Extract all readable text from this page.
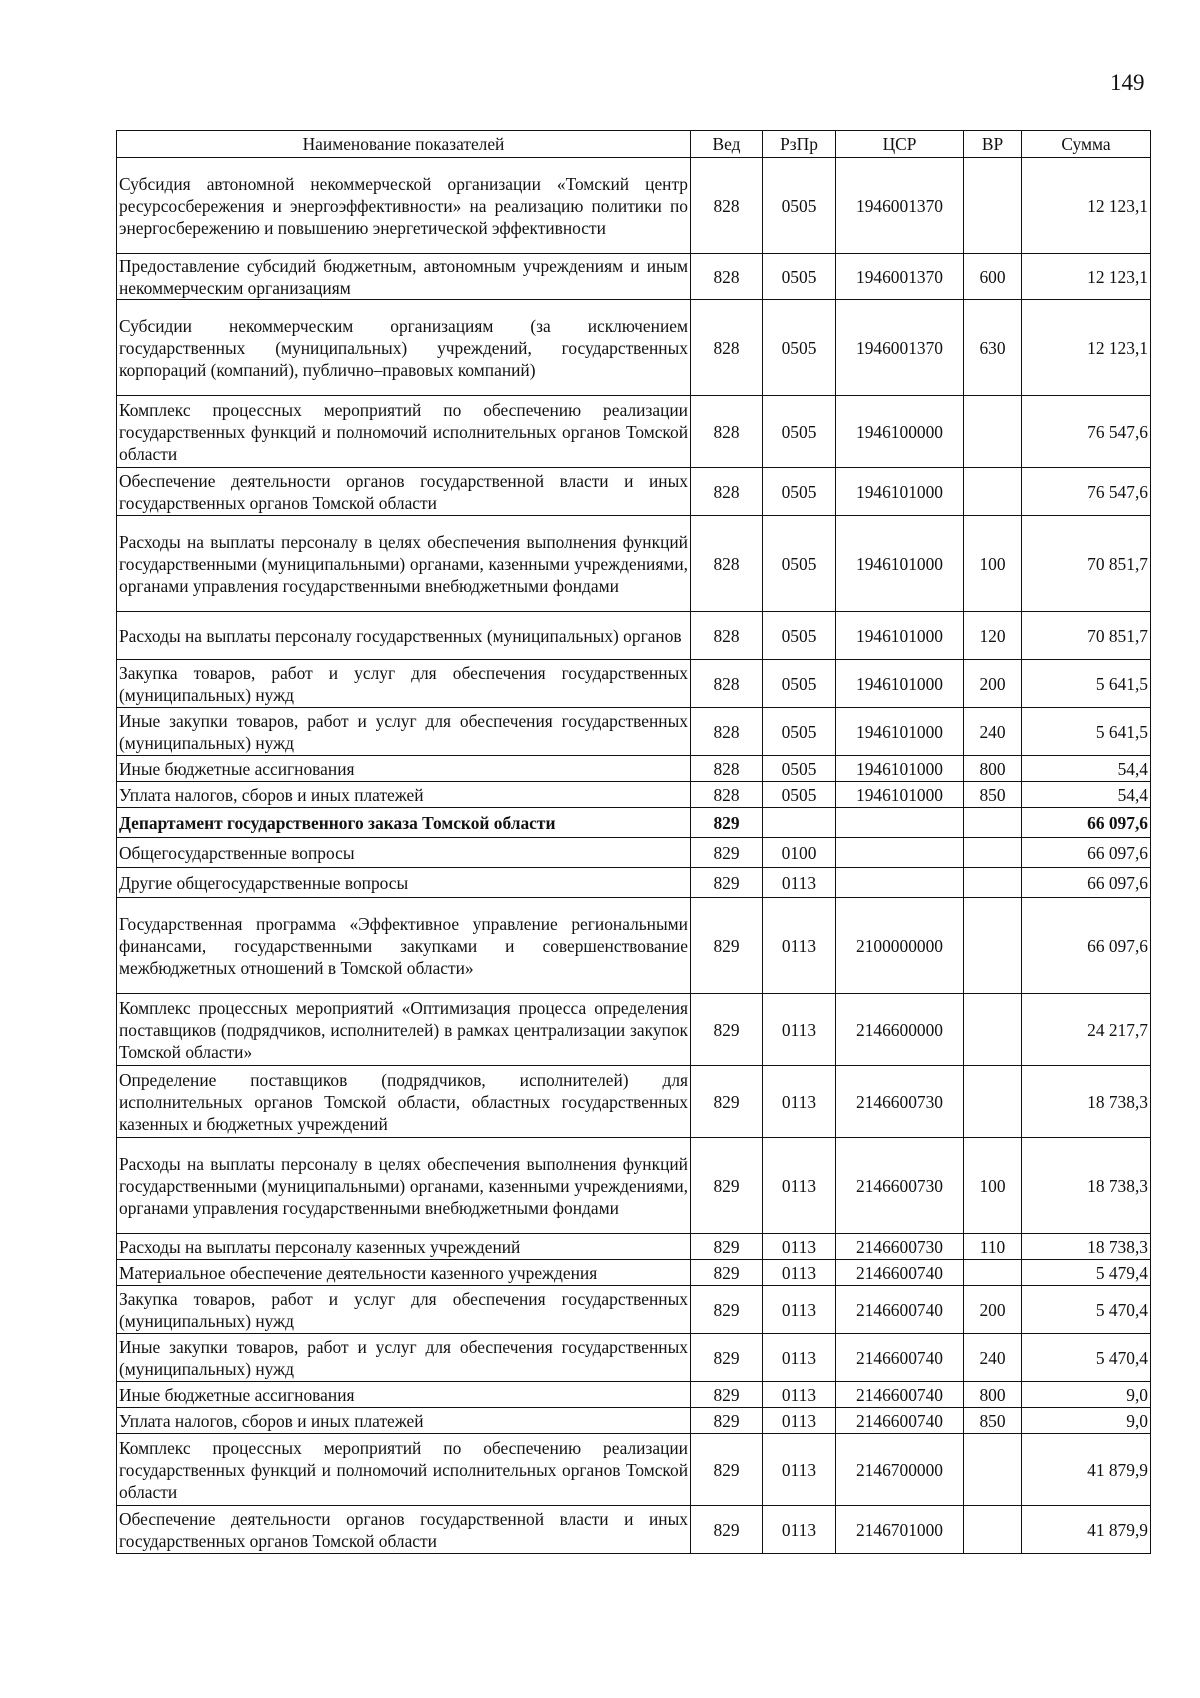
149
Наименование показателей	Вед	РзПр	ЦСР	ВР	Сумма
Субсидия автономной некоммерческой организации «Томский центр ресурсосбережения и энергоэффективности» на реализацию политики по энергосбережению и повышению энергетической эффективности	828	0505	1946001370		12 123,1
Предоставление субсидий бюджетным, автономным учреждениям и иным некоммерческим организациям	828	0505	1946001370	600	12 123,1
Субсидии некоммерческим организациям (за исключением государственных (муниципальных) учреждений, государственных корпораций (компаний), публично–правовых компаний)	828	0505	1946001370	630	12 123,1
Комплекс процессных мероприятий по обеспечению реализации государственных функций и полномочий исполнительных органов Томской области	828	0505	1946100000		76 547,6
Обеспечение деятельности органов государственной власти и иных государственных органов Томской области	828	0505	1946101000		76 547,6
Расходы на выплаты персоналу в целях обеспечения выполнения функций государственными (муниципальными) органами, казенными учреждениями, органами управления государственными внебюджетными фондами	828	0505	1946101000	100	70 851,7
Расходы на выплаты персоналу государственных (муниципальных) органов	828	0505	1946101000	120	70 851,7
Закупка товаров, работ и услуг для обеспечения государственных (муниципальных) нужд	828	0505	1946101000	200	5 641,5
Иные закупки товаров, работ и услуг для обеспечения государственных (муниципальных) нужд	828	0505	1946101000	240	5 641,5
Иные бюджетные ассигнования	828	0505	1946101000	800	54,4
Уплата налогов, сборов и иных платежей	828	0505	1946101000	850	54,4
Департамент государственного заказа Томской области	829				66 097,6
Общегосударственные вопросы	829	0100			66 097,6
Другие общегосударственные вопросы	829	0113			66 097,6
Государственная программа «Эффективное управление региональными финансами, государственными закупками и совершенствование межбюджетных отношений в Томской области»	829	0113	2100000000		66 097,6
Комплекс процессных мероприятий «Оптимизация процесса определения поставщиков (подрядчиков, исполнителей) в рамках централизации закупок Томской области»	829	0113	2146600000		24 217,7
Определение поставщиков (подрядчиков, исполнителей) для исполнительных органов Томской области, областных государственных казенных и бюджетных учреждений	829	0113	2146600730		18 738,3
Расходы на выплаты персоналу в целях обеспечения выполнения функций государственными (муниципальными) органами, казенными учреждениями, органами управления государственными внебюджетными фондами	829	0113	2146600730	100	18 738,3
Расходы на выплаты персоналу казенных учреждений	829	0113	2146600730	110	18 738,3
Материальное обеспечение деятельности казенного учреждения	829	0113	2146600740		5 479,4
Закупка товаров, работ и услуг для обеспечения государственных (муниципальных) нужд	829	0113	2146600740	200	5 470,4
Иные закупки товаров, работ и услуг для обеспечения государственных (муниципальных) нужд	829	0113	2146600740	240	5 470,4
Иные бюджетные ассигнования	829	0113	2146600740	800	9,0
Уплата налогов, сборов и иных платежей	829	0113	2146600740	850	9,0
Комплекс процессных мероприятий по обеспечению реализации государственных функций и полномочий исполнительных органов Томской области	829	0113	2146700000		41 879,9
Обеспечение деятельности органов государственной власти и иных государственных органов Томской области	829	0113	2146701000		41 879,9
